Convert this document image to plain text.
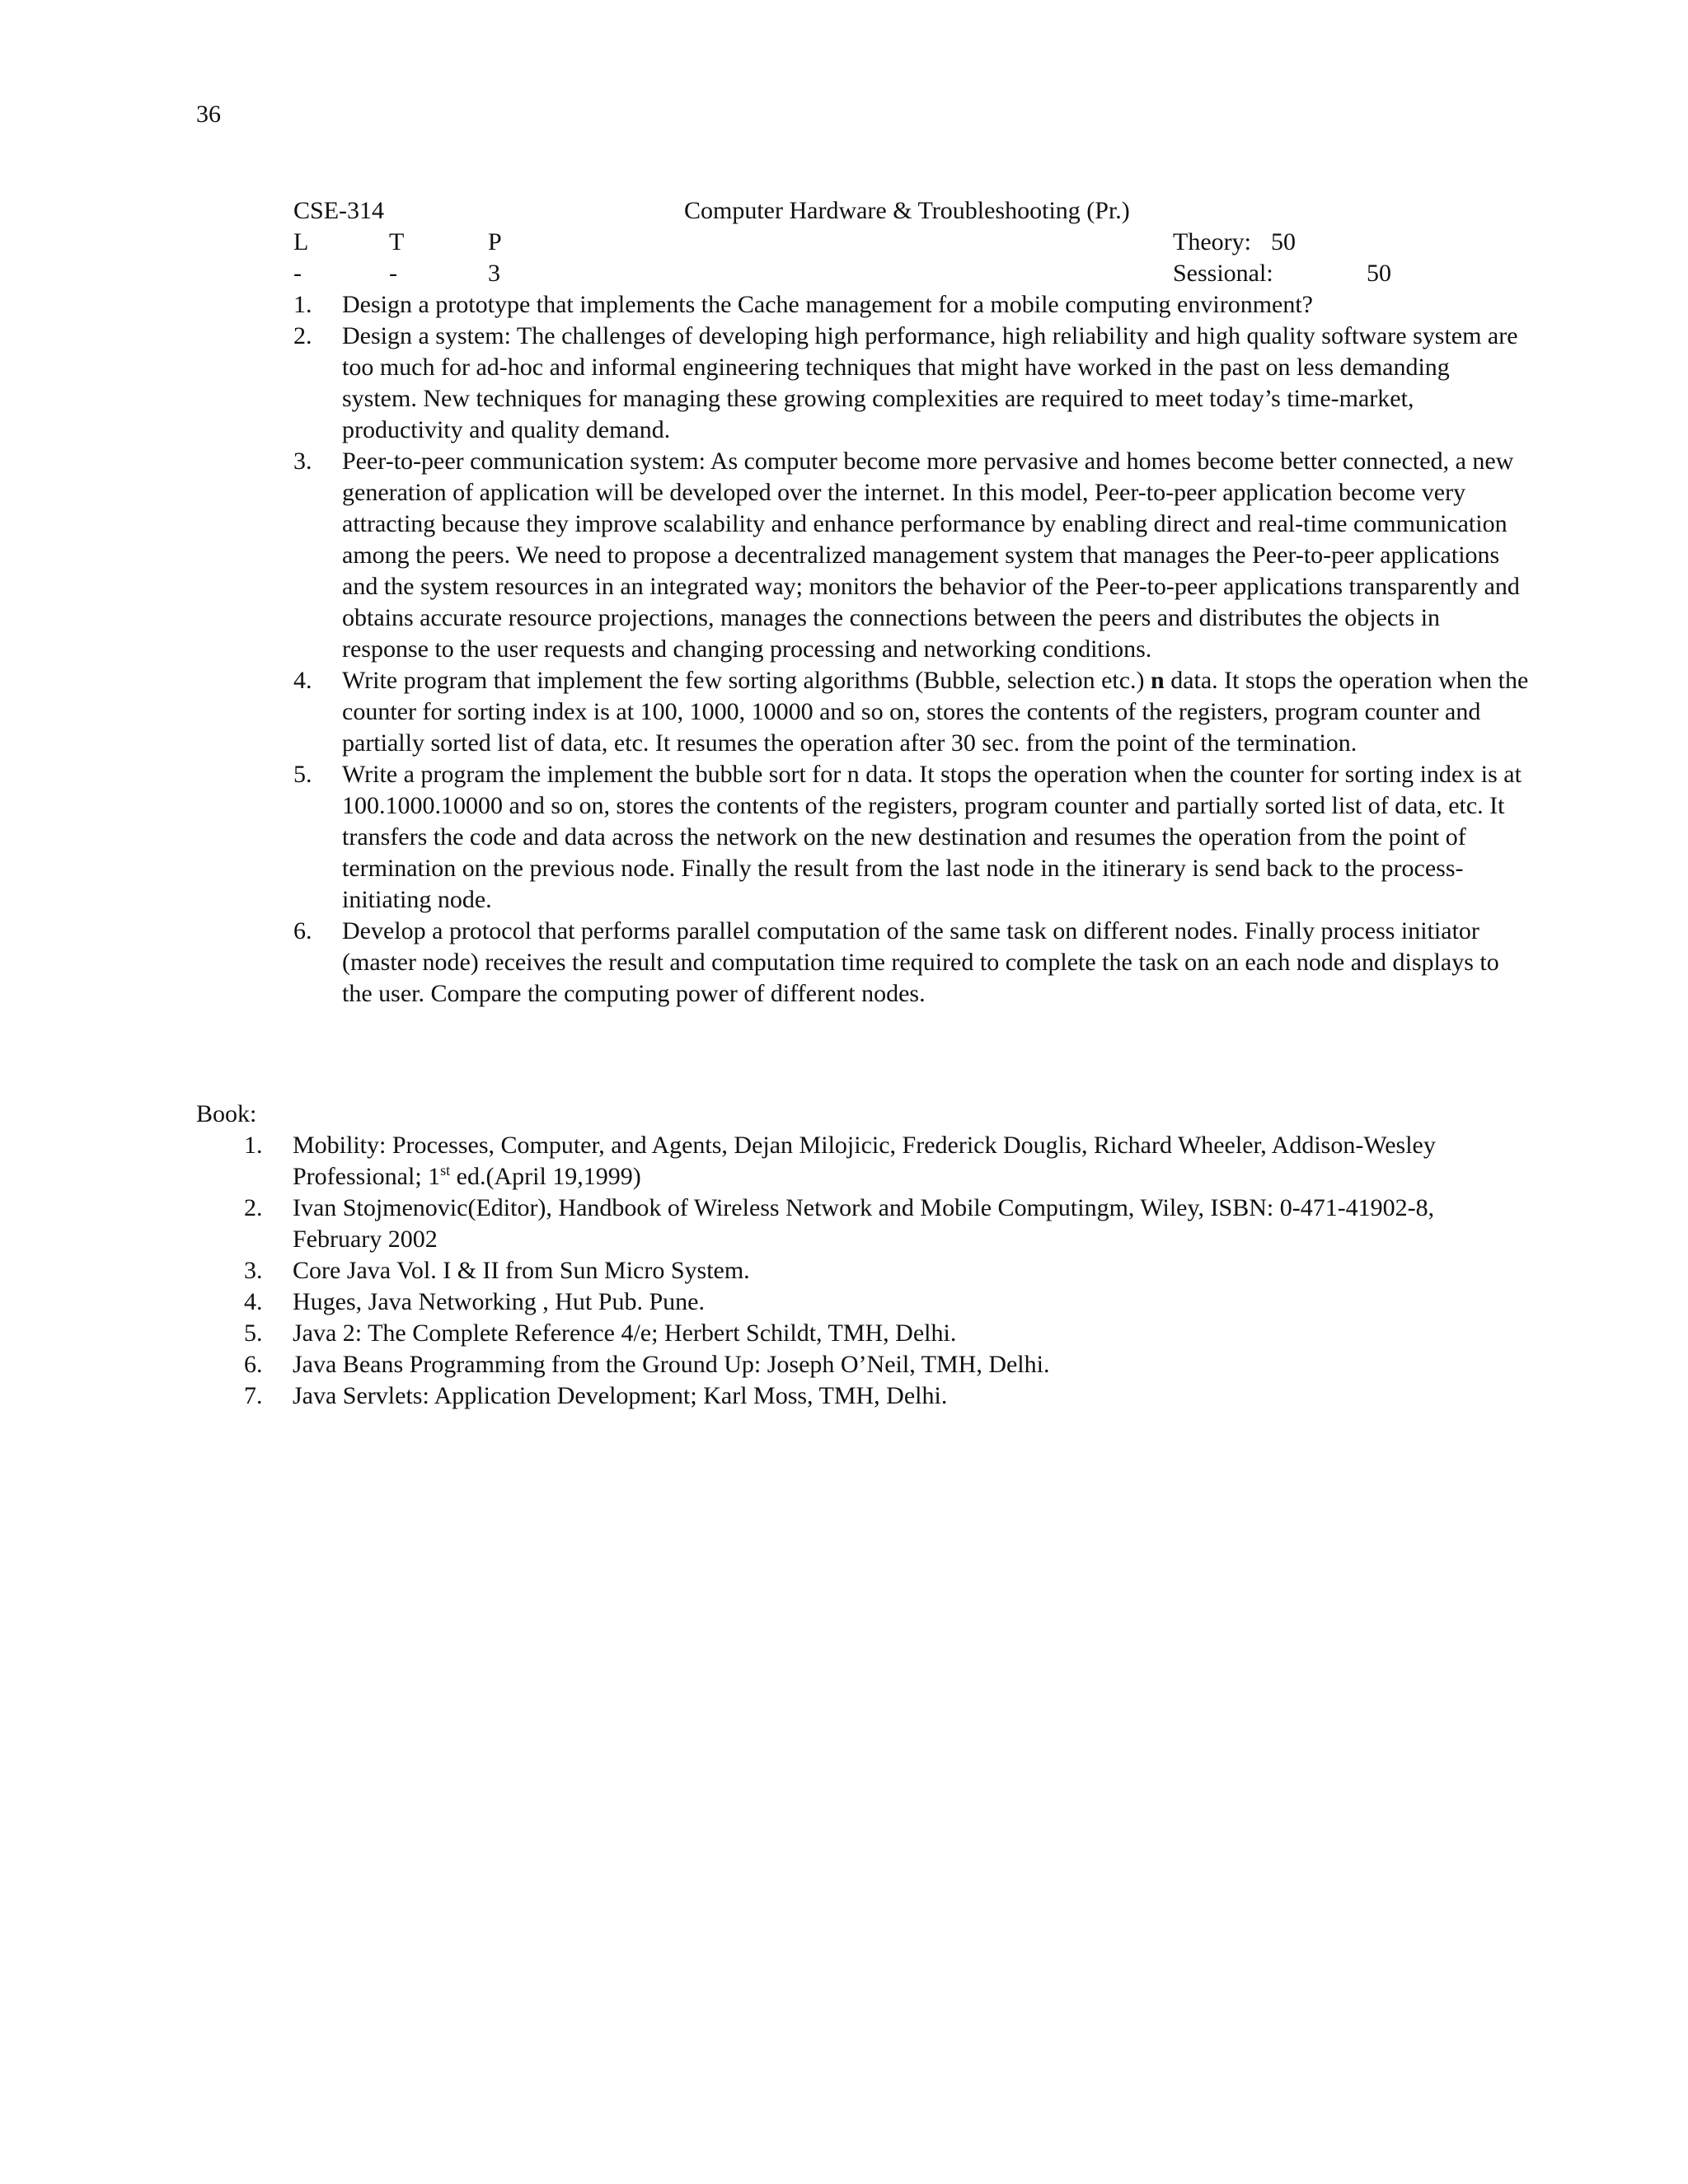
36
CSE-314	Computer Hardware & Troubleshooting (Pr.)
L	T	P	Theory: 50
-	-	3	Sessional:	50
1. Design a prototype that implements the Cache management for a mobile computing environment?
2. Design a system: The challenges of developing high performance, high reliability and high quality software system are too much for ad-hoc and informal engineering techniques that might have worked in the past on less demanding system. New techniques for managing these growing complexities are required to meet today’s time-market, productivity and quality demand.
3. Peer-to-peer communication system: As computer become more pervasive and homes become better connected, a new generation of application will be developed over the internet. In this model, Peer-to-peer application become very attracting because they improve scalability and enhance performance by enabling direct and real-time communication among the peers. We need to propose a decentralized management system that manages the Peer-to-peer applications and the system resources in an integrated way; monitors the behavior of the Peer-to-peer applications transparently and obtains accurate resource projections, manages the connections between the peers and distributes the objects in response to the user requests and changing processing and networking conditions.
4. Write program that implement the few sorting algorithms (Bubble, selection etc.) n data. It stops the operation when the counter for sorting index is at 100, 1000, 10000 and so on, stores the contents of the registers, program counter and partially sorted list of data, etc. It resumes the operation after 30 sec. from the point of the termination.
5. Write a program the implement the bubble sort for n data. It stops the operation when the counter for sorting index is at 100.1000.10000 and so on, stores the contents of the registers, program counter and partially sorted list of data, etc. It transfers the code and data across the network on the new destination and resumes the operation from the point of termination on the previous node. Finally the result from the last node in the itinerary is send back to the process-initiating node.
6. Develop a protocol that performs parallel computation of the same task on different nodes. Finally process initiator (master node) receives the result and computation time required to complete the task on an each node and displays to the user. Compare the computing power of different nodes.
Book:
1. Mobility: Processes, Computer, and Agents, Dejan Milojicic, Frederick Douglis, Richard Wheeler, Addison-Wesley Professional; 1st ed.(April 19,1999)
2. Ivan Stojmenovic(Editor), Handbook of Wireless Network and Mobile Computingm, Wiley, ISBN: 0-471-41902-8, February 2002
3. Core Java Vol. I & II from Sun Micro System.
4. Huges, Java Networking , Hut Pub. Pune.
5. Java 2: The Complete Reference 4/e; Herbert Schildt, TMH, Delhi.
6. Java Beans Programming from the Ground Up: Joseph O’Neil, TMH, Delhi.
7. Java Servlets: Application Development; Karl Moss, TMH, Delhi.
